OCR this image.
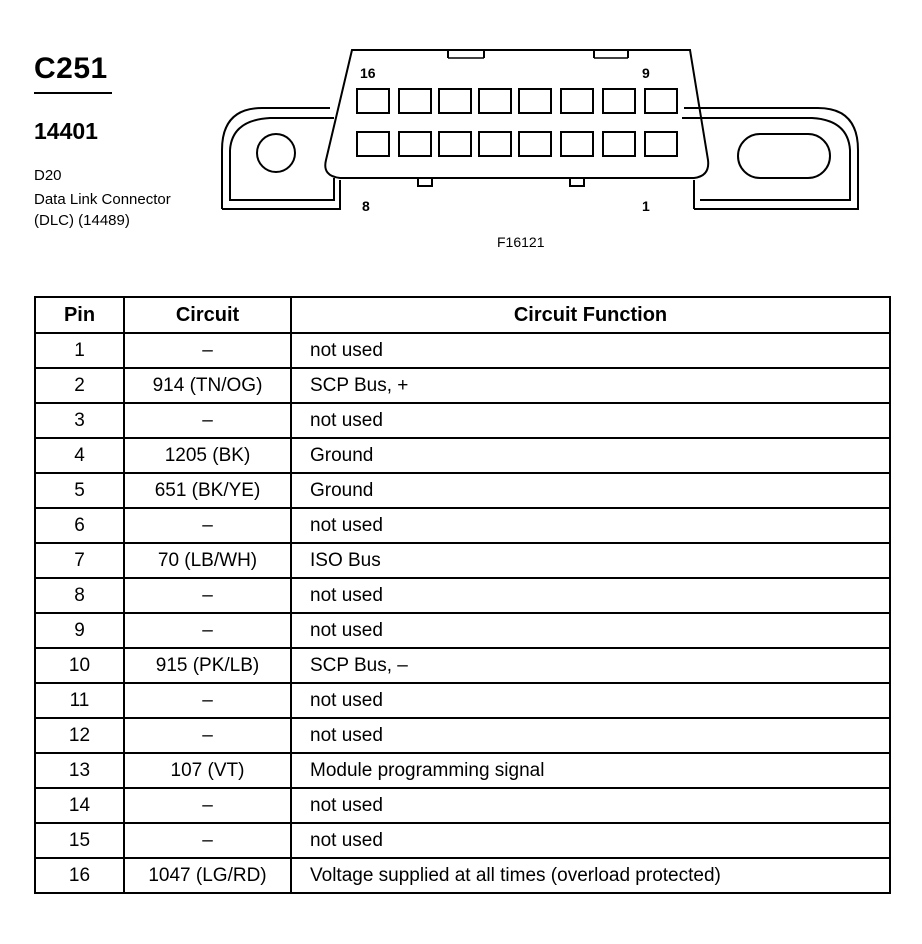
C251
14401
D20
Data Link Connector
(DLC) (14489)
16	9
8	1
F16121
Pin	Circuit	Circuit Function
1	–	not used
2	914 (TN/OG)	SCP Bus, +
3	–	not used
4	1205 (BK)	Ground
5	651 (BK/YE)	Ground
6	–	not used
7	70 (LB/WH)	ISO Bus
8	–	not used
9	–	not used
10	915 (PK/LB)	SCP Bus, –
11	–	not used
12	–	not used
13	107 (VT)	Module programming signal
14	–	not used
15	–	not used
16	1047 (LG/RD)	Voltage supplied at all times (overload protected)
